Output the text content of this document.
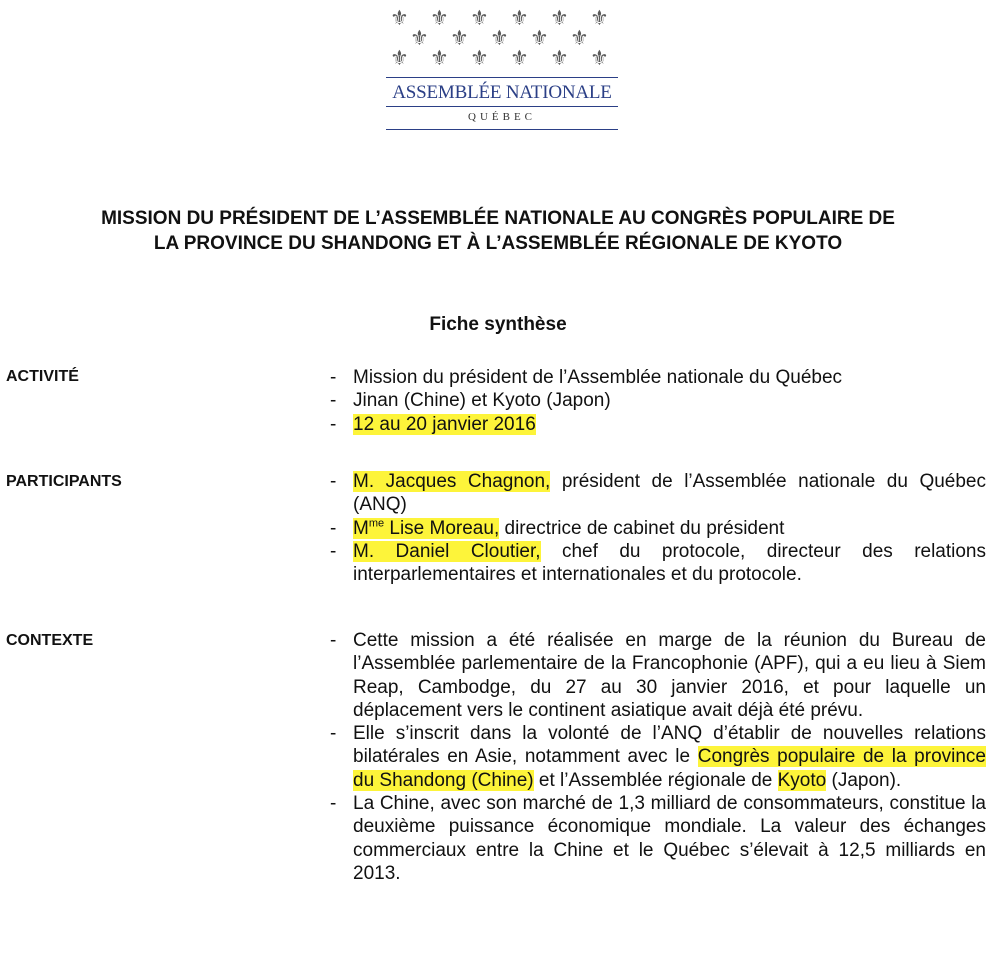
⚜ ⚜ ⚜ ⚜ ⚜ ⚜
⚜ ⚜ ⚜ ⚜ ⚜
⚜ ⚜ ⚜ ⚜ ⚜ ⚜
ASSEMBLÉE NATIONALE
QUÉBEC
MISSION DU PRÉSIDENT DE L’ASSEMBLÉE NATIONALE AU CONGRÈS POPULAIRE DE
LA PROVINCE DU SHANDONG ET À L’ASSEMBLÉE RÉGIONALE DE KYOTO
Fiche synthèse
ACTIVITÉ	- Mission du président de l’Assemblée nationale du Québec
- Jinan (Chine) et Kyoto (Japon)
- 12 au 20 janvier 2016
PARTICIPANTS	- M. Jacques Chagnon, président de l’Assemblée nationale du Québec (ANQ)
- $M^{me}$ Lise Moreau, directrice de cabinet du président
- M. Daniel Cloutier, chef du protocole, directeur des relations interparlementaires et internationales et du protocole.
CONTEXTE	- Cette mission a été réalisée en marge de la réunion du Bureau de l’Assemblée parlementaire de la Francophonie (APF), qui a eu lieu à Siem Reap, Cambodge, du 27 au 30 janvier 2016, et pour laquelle un déplacement vers le continent asiatique avait déjà été prévu.
- Elle s’inscrit dans la volonté de l’ANQ d’établir de nouvelles relations bilatérales en Asie, notamment avec le Congrès populaire de la province du Shandong (Chine) et l’Assemblée régionale de Kyoto (Japon).
- La Chine, avec son marché de 1,3 milliard de consommateurs, constitue la deuxième puissance économique mondiale. La valeur des échanges commerciaux entre la Chine et le Québec s’élevait à 12,5 milliards en 2013.
